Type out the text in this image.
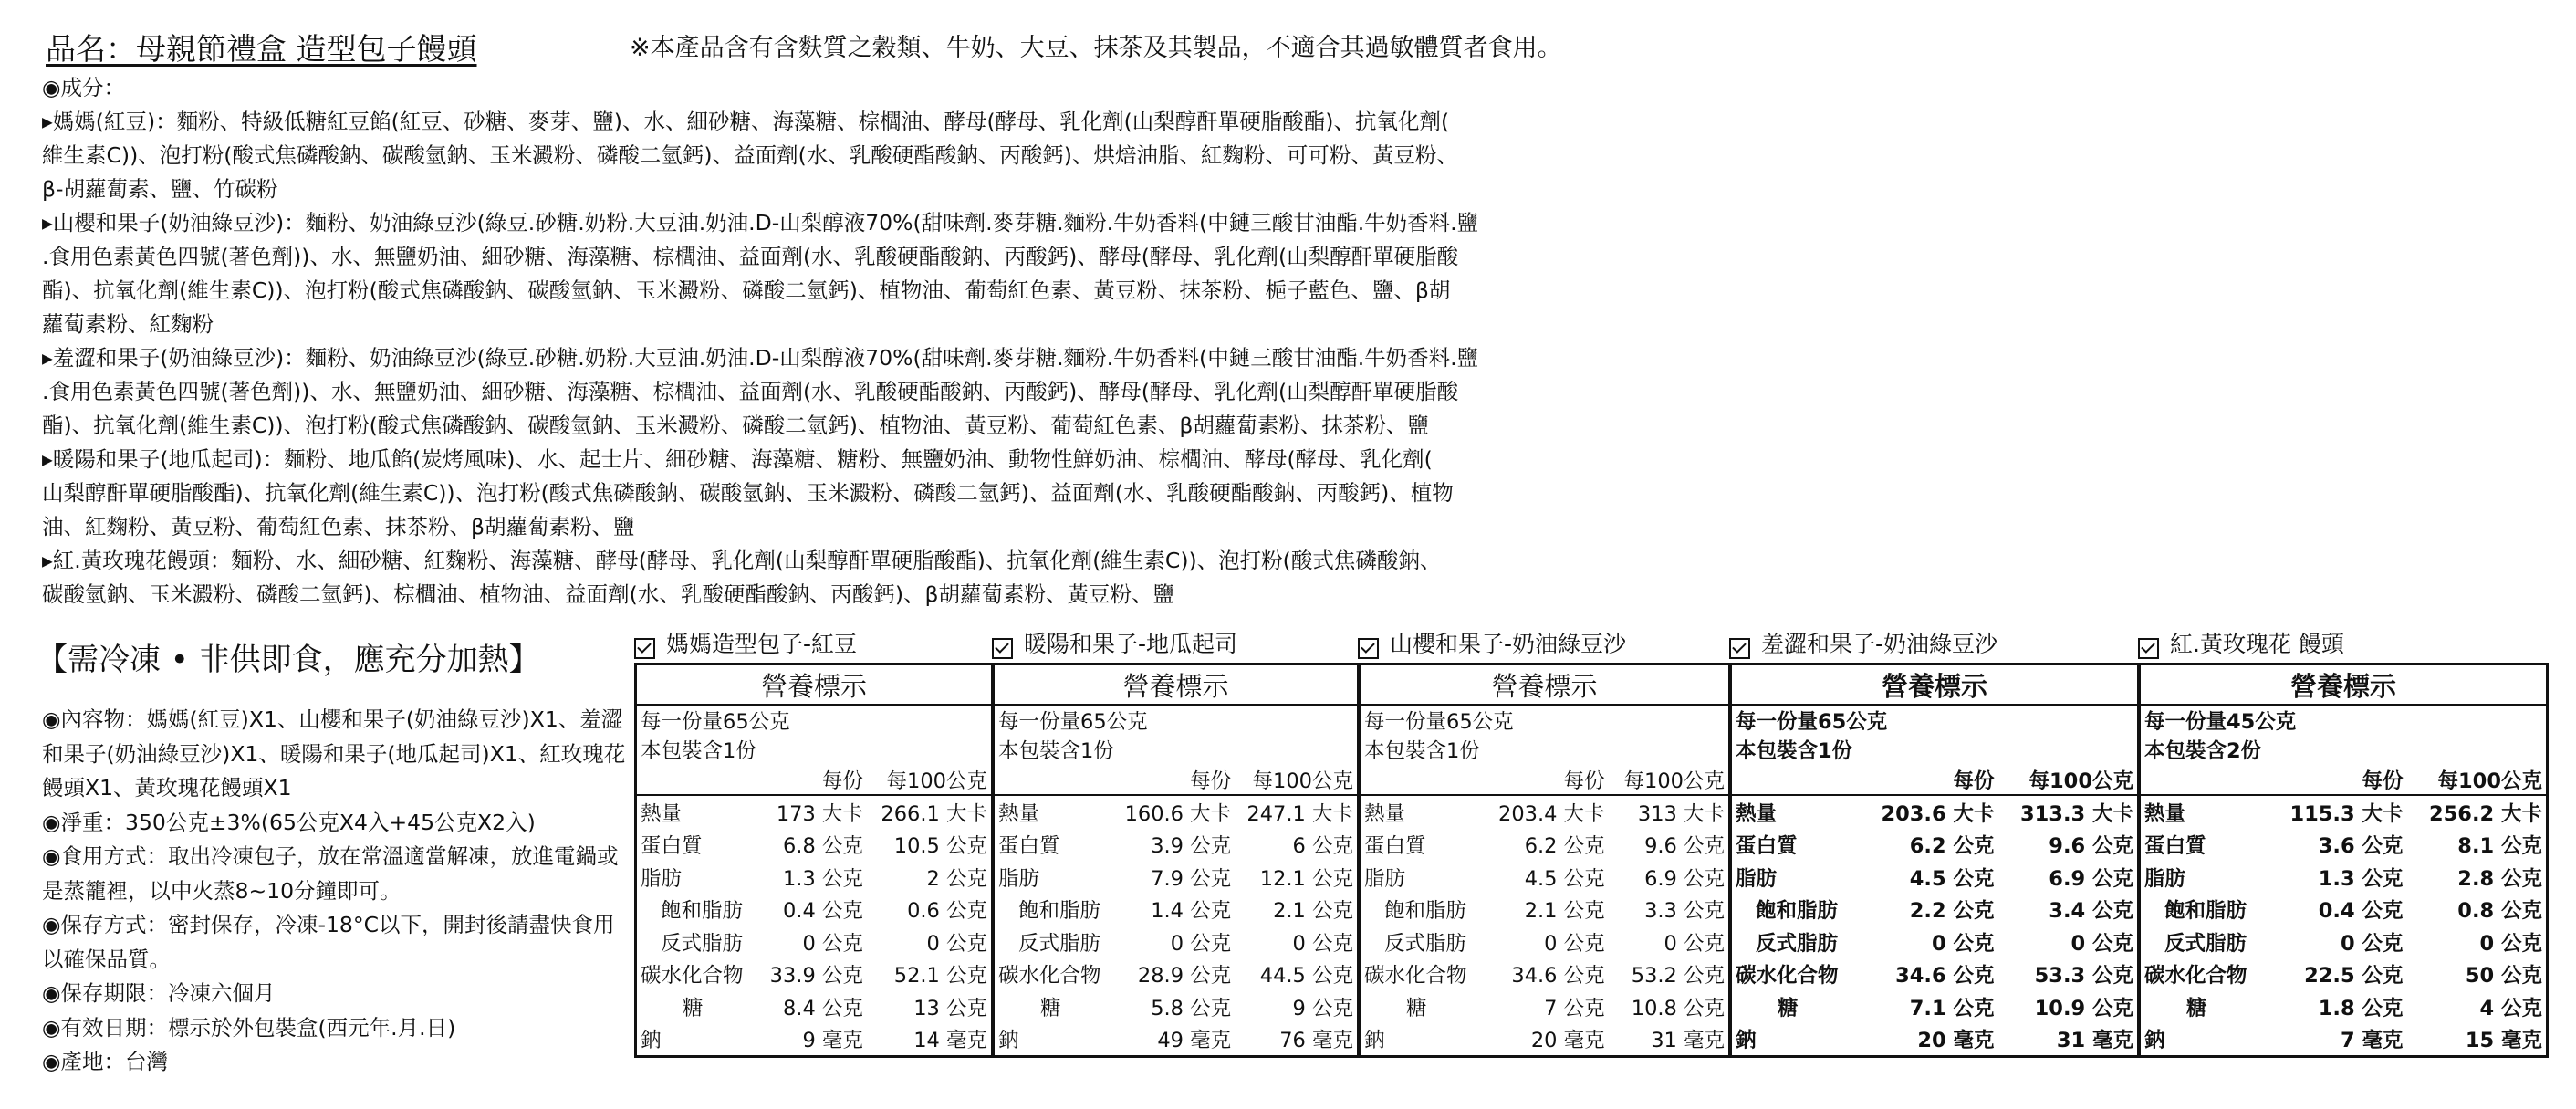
品名：母親節禮盒 造型包子饅頭	※本產品含有含麩質之穀類、牛奶、大豆、抹茶及其製品，不適合其過敏體質者食用。
◉成分：
▸媽媽(紅豆)：麵粉、特級低糖紅豆餡(紅豆、砂糖、麥芽、鹽)、水、細砂糖、海藻糖、棕櫚油、酵母(酵母、乳化劑(山梨醇酐單硬脂酸酯)、抗氧化劑(
維生素C))、泡打粉(酸式焦磷酸鈉、碳酸氫鈉、玉米澱粉、磷酸二氫鈣)、益面劑(水、乳酸硬酯酸鈉、丙酸鈣)、烘焙油脂、紅麴粉、可可粉、黃豆粉、
β-胡蘿蔔素、鹽、竹碳粉
▸山櫻和果子(奶油綠豆沙)：麵粉、奶油綠豆沙(綠豆.砂糖.奶粉.大豆油.奶油.D-山梨醇液70%(甜味劑.麥芽糖.麵粉.牛奶香料(中鏈三酸甘油酯.牛奶香料.鹽
.食用色素黃色四號(著色劑))、水、無鹽奶油、細砂糖、海藻糖、棕櫚油、益面劑(水、乳酸硬酯酸鈉、丙酸鈣)、酵母(酵母、乳化劑(山梨醇酐單硬脂酸
酯)、抗氧化劑(維生素C))、泡打粉(酸式焦磷酸鈉、碳酸氫鈉、玉米澱粉、磷酸二氫鈣)、植物油、葡萄紅色素、黃豆粉、抹茶粉、梔子藍色、鹽、β胡
蘿蔔素粉、紅麴粉
▸羞澀和果子(奶油綠豆沙)：麵粉、奶油綠豆沙(綠豆.砂糖.奶粉.大豆油.奶油.D-山梨醇液70%(甜味劑.麥芽糖.麵粉.牛奶香料(中鏈三酸甘油酯.牛奶香料.鹽
.食用色素黃色四號(著色劑))、水、無鹽奶油、細砂糖、海藻糖、棕櫚油、益面劑(水、乳酸硬酯酸鈉、丙酸鈣)、酵母(酵母、乳化劑(山梨醇酐單硬脂酸
酯)、抗氧化劑(維生素C))、泡打粉(酸式焦磷酸鈉、碳酸氫鈉、玉米澱粉、磷酸二氫鈣)、植物油、黃豆粉、葡萄紅色素、β胡蘿蔔素粉、抹茶粉、鹽
▸暖陽和果子(地瓜起司)：麵粉、地瓜餡(炭烤風味)、水、起士片、細砂糖、海藻糖、糖粉、無鹽奶油、動物性鮮奶油、棕櫚油、酵母(酵母、乳化劑(
山梨醇酐單硬脂酸酯)、抗氧化劑(維生素C))、泡打粉(酸式焦磷酸鈉、碳酸氫鈉、玉米澱粉、磷酸二氫鈣)、益面劑(水、乳酸硬酯酸鈉、丙酸鈣)、植物
油、紅麴粉、黃豆粉、葡萄紅色素、抹茶粉、β胡蘿蔔素粉、鹽
▸紅.黃玫瑰花饅頭：麵粉、水、細砂糖、紅麴粉、海藻糖、酵母(酵母、乳化劑(山梨醇酐單硬脂酸酯)、抗氧化劑(維生素C))、泡打粉(酸式焦磷酸鈉、
碳酸氫鈉、玉米澱粉、磷酸二氫鈣)、棕櫚油、植物油、益面劑(水、乳酸硬酯酸鈉、丙酸鈣)、β胡蘿蔔素粉、黃豆粉、鹽
【需冷凍 • 非供即食，應充分加熱】
◉內容物：媽媽(紅豆)X1、山櫻和果子(奶油綠豆沙)X1、羞澀和果子(奶油綠豆沙)X1、暖陽和果子(地瓜起司)X1、紅玫瑰花饅頭X1、黃玫瑰花饅頭X1
◉淨重：350公克±3%(65公克X4入+45公克X2入)
◉食用方式：取出冷凍包子，放在常溫適當解凍，放進電鍋或是蒸籠裡，以中火蒸8~10分鐘即可。
◉保存方式：密封保存，冷凍-18°C以下，開封後請盡快食用以確保品質。
◉保存期限：冷凍六個月
◉有效日期：標示於外包裝盒(西元年.月.日)
◉產地：台灣
媽媽造型包子-紅豆
營養標示		
每一份量65公克		
本包裝含1份		
	每份	每100公克
熱量	173 大卡	266.1 大卡
蛋白質	6.8 公克	10.5 公克
脂肪	1.3 公克	2 公克
飽和脂肪	0.4 公克	0.6 公克
反式脂肪	0 公克	0 公克
碳水化合物	33.9 公克	52.1 公克
糖	8.4 公克	13 公克
鈉	9 毫克	14 毫克
暖陽和果子-地瓜起司
營養標示		
每一份量65公克		
本包裝含1份		
	每份	每100公克
熱量	160.6 大卡	247.1 大卡
蛋白質	3.9 公克	6 公克
脂肪	7.9 公克	12.1 公克
飽和脂肪	1.4 公克	2.1 公克
反式脂肪	0 公克	0 公克
碳水化合物	28.9 公克	44.5 公克
糖	5.8 公克	9 公克
鈉	49 毫克	76 毫克
山櫻和果子-奶油綠豆沙
營養標示		
每一份量65公克		
本包裝含1份		
	每份	每100公克
熱量	203.4 大卡	313 大卡
蛋白質	6.2 公克	9.6 公克
脂肪	4.5 公克	6.9 公克
飽和脂肪	2.1 公克	3.3 公克
反式脂肪	0 公克	0 公克
碳水化合物	34.6 公克	53.2 公克
糖	7 公克	10.8 公克
鈉	20 毫克	31 毫克
羞澀和果子-奶油綠豆沙
營養標示		
每一份量65公克		
本包裝含1份		
	每份	每100公克
熱量	203.6 大卡	313.3 大卡
蛋白質	6.2 公克	9.6 公克
脂肪	4.5 公克	6.9 公克
飽和脂肪	2.2 公克	3.4 公克
反式脂肪	0 公克	0 公克
碳水化合物	34.6 公克	53.3 公克
糖	7.1 公克	10.9 公克
鈉	20 毫克	31 毫克
紅.黃玫瑰花 饅頭
營養標示		
每一份量45公克		
本包裝含2份		
	每份	每100公克
熱量	115.3 大卡	256.2 大卡
蛋白質	3.6 公克	8.1 公克
脂肪	1.3 公克	2.8 公克
飽和脂肪	0.4 公克	0.8 公克
反式脂肪	0 公克	0 公克
碳水化合物	22.5 公克	50 公克
糖	1.8 公克	4 公克
鈉	7 毫克	15 毫克
